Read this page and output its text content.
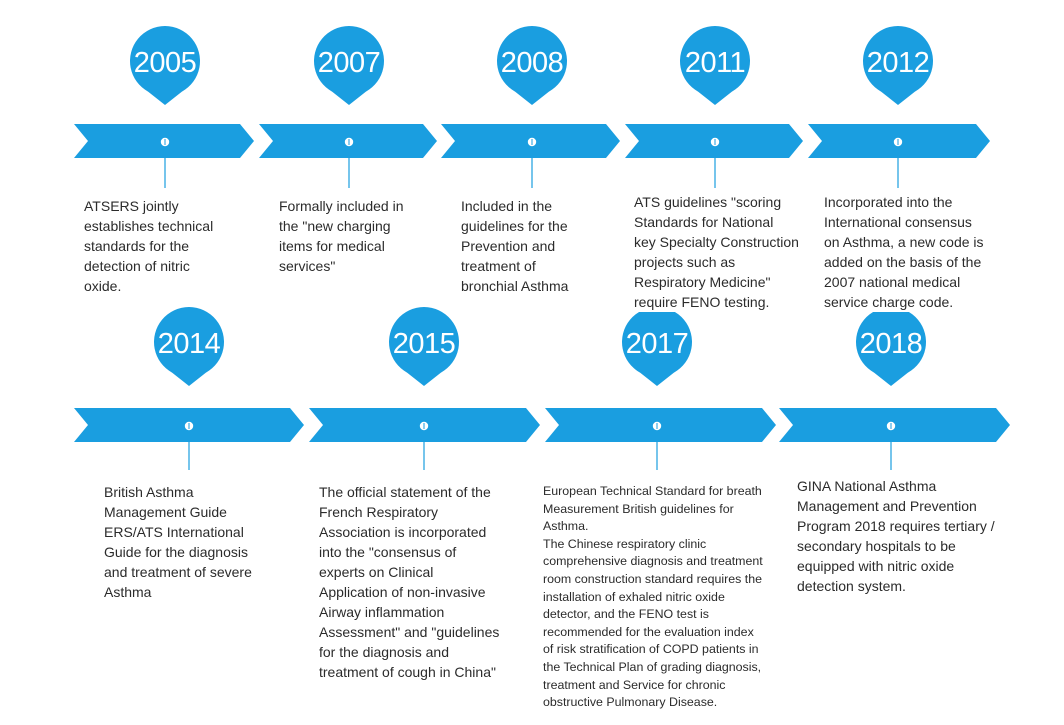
2005	2007	2008	2011	2012
2014	2015	2017	2018
ATSERS jointly
establishes technical
standards for the
detection of nitric
oxide.
Formally included in
the "new charging
items for medical
services"
Included in the
guidelines for the
Prevention and
treatment of
bronchial Asthma
ATS guidelines "scoring
Standards for National
key Specialty Construction
projects such as
Respiratory Medicine"
require FENO testing.
Incorporated into the
International consensus
on Asthma, a new code is
added on the basis of the
2007 national medical
service charge code.
British Asthma
Management Guide
ERS/ATS International
Guide for the diagnosis
and treatment of severe
Asthma
The official statement of the
French Respiratory
Association is incorporated
into the "consensus of
experts on Clinical
Application of non-invasive
Airway inflammation
Assessment" and "guidelines
for the diagnosis and
treatment of cough in China"
European Technical Standard for breath
Measurement British guidelines for
Asthma.
The Chinese respiratory clinic
comprehensive diagnosis and treatment
room construction standard requires the
installation of exhaled nitric oxide
detector, and the FENO test is
recommended for the evaluation index
of risk stratification of COPD patients in
the Technical Plan of grading diagnosis,
treatment and Service for chronic
obstructive Pulmonary Disease.
GINA National Asthma
Management and Prevention
Program 2018 requires tertiary /
secondary hospitals to be
equipped with nitric oxide
detection system.
